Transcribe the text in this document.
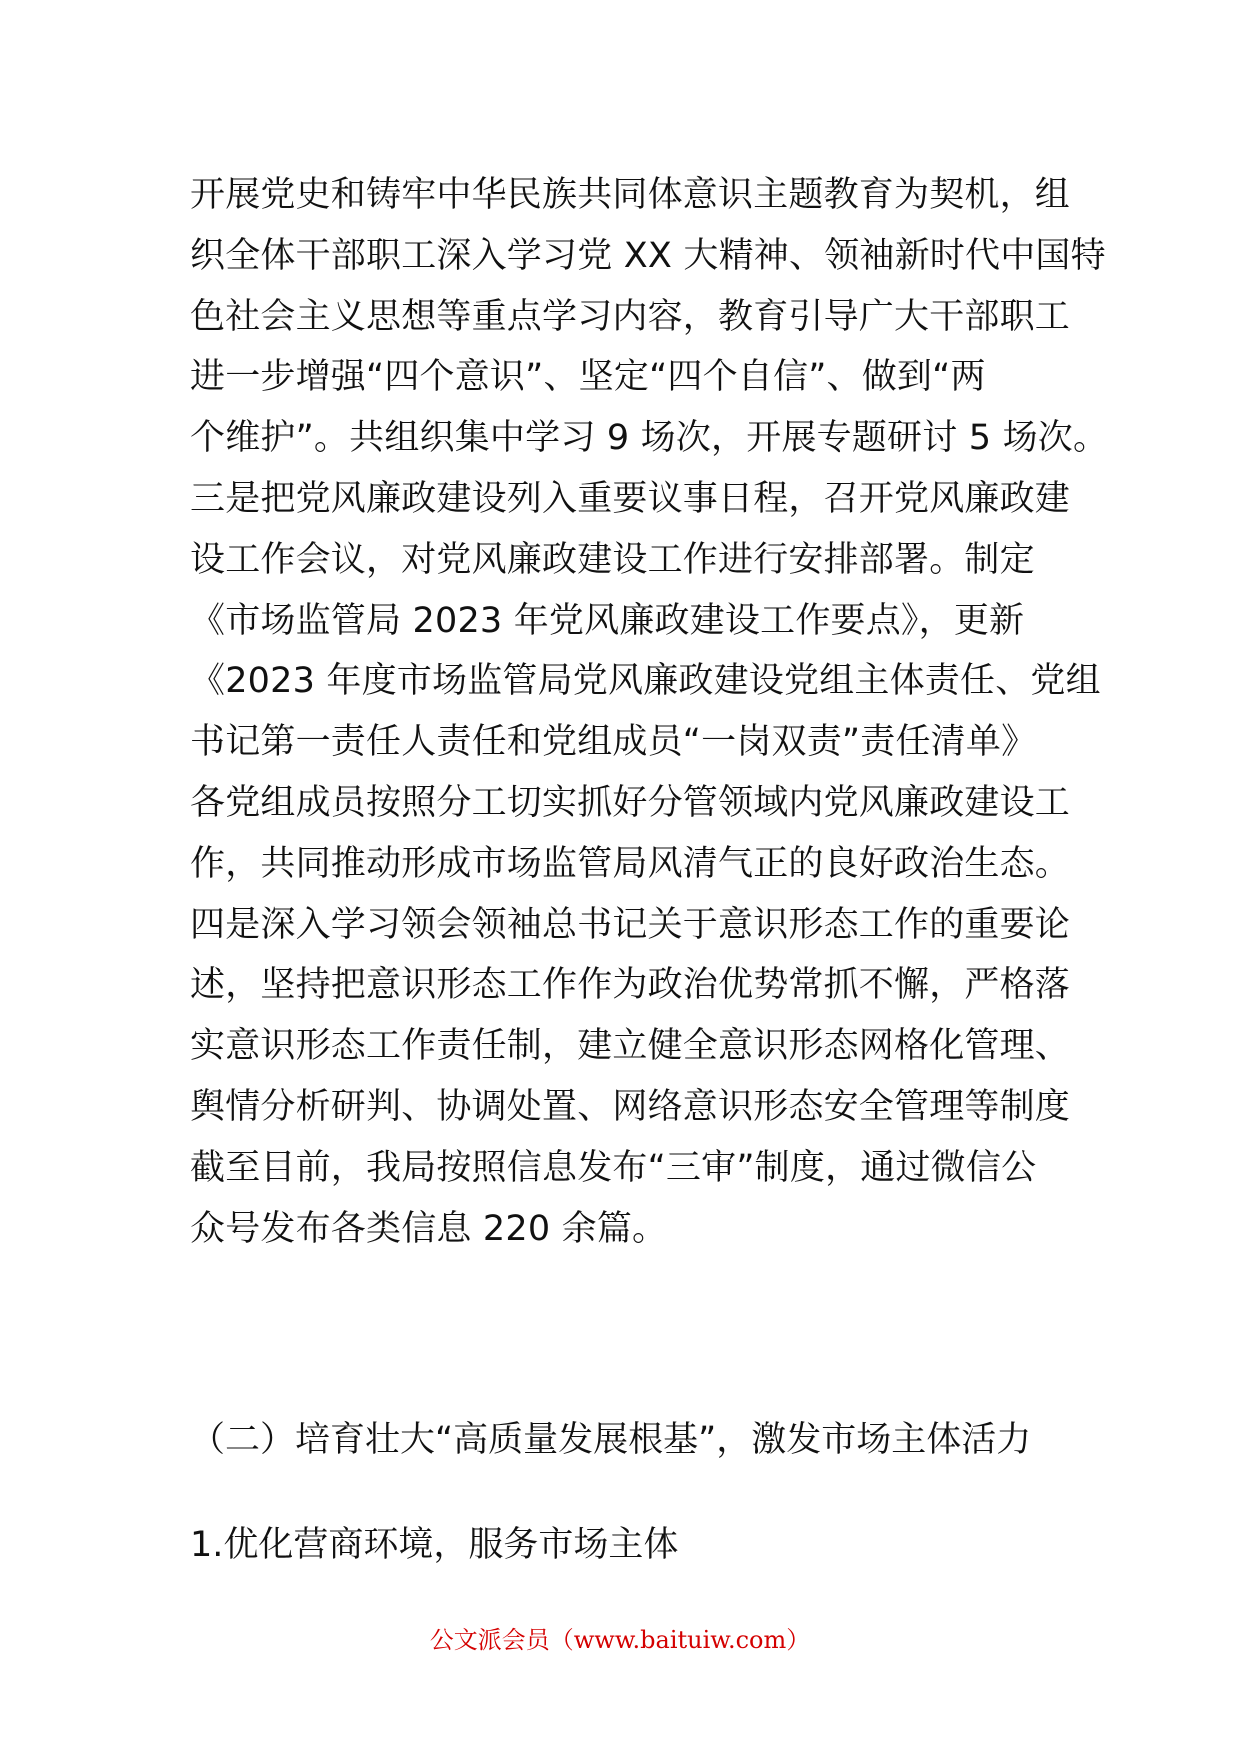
开展党史和铸牢中华民族共同体意识主题教育为契机，组
织全体干部职工深入学习党 XX 大精神、领袖新时代中国特
色社会主义思想等重点学习内容，教育引导广大干部职工
进一步增强“四个意识”、坚定“四个自信”、做到“两
个维护”。共组织集中学习 9 场次，开展专题研讨 5 场次。
三是把党风廉政建设列入重要议事日程，召开党风廉政建
设工作会议，对党风廉政建设工作进行安排部署。制定
《市场监管局 2023 年党风廉政建设工作要点》，更新
《2023 年度市场监管局党风廉政建设党组主体责任、党组
书记第一责任人责任和党组成员“一岗双责”责任清单》
各党组成员按照分工切实抓好分管领域内党风廉政建设工
作，共同推动形成市场监管局风清气正的良好政治生态。
四是深入学习领会领袖总书记关于意识形态工作的重要论
述，坚持把意识形态工作作为政治优势常抓不懈，严格落
实意识形态工作责任制，建立健全意识形态网格化管理、
舆情分析研判、协调处置、网络意识形态安全管理等制度
截至目前，我局按照信息发布“三审”制度，通过微信公
众号发布各类信息 220 余篇。
（二）培育壮大“高质量发展根基”，激发市场主体活力
1.优化营商环境，服务市场主体
公文派会员（www.baituiw.com）
